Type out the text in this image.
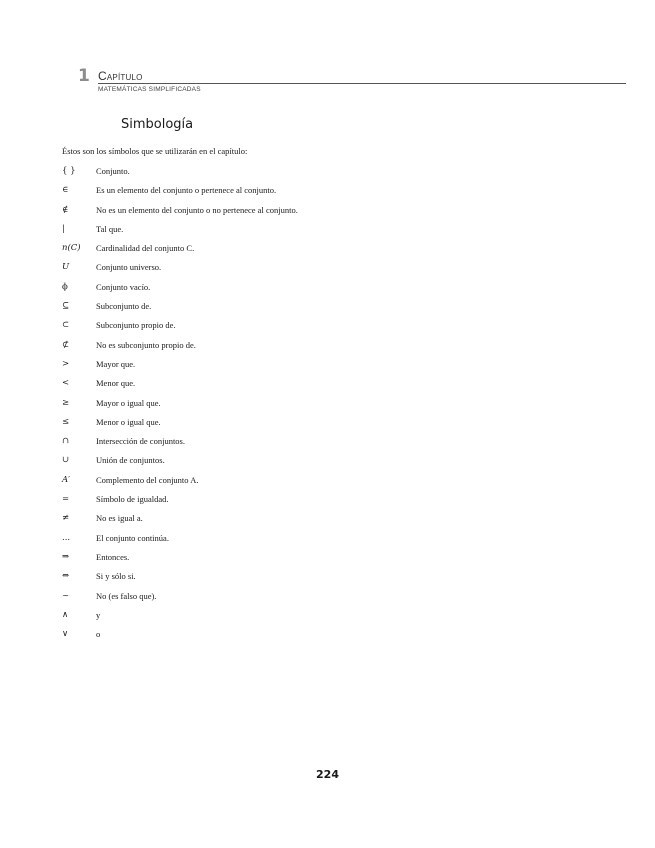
1 Capítulo
MATEMÁTICAS SIMPLIFICADAS
Simbología
Éstos son los símbolos que se utilizarán en el capítulo:
{ }	Conjunto.
∈	Es un elemento del conjunto o pertenece al conjunto.
∉	No es un elemento del conjunto o no pertenece al conjunto.
|	Tal que.
n(C)	Cardinalidad del conjunto C.
U	Conjunto universo.
ϕ	Conjunto vacío.
⊆	Subconjunto de.
⊂	Subconjunto propio de.
⊄	No es subconjunto propio de.
>	Mayor que.
<	Menor que.
≥	Mayor o igual que.
≤	Menor o igual que.
∩	Intersección de conjuntos.
∪	Unión de conjuntos.
A′	Complemento del conjunto A.
=	Símbolo de igualdad.
≠	No es igual a.
...	El conjunto continúa.
⇒	Entonces.
⇔	Si y sólo si.
~	No (es falso que).
∧	y
∨	o
224
